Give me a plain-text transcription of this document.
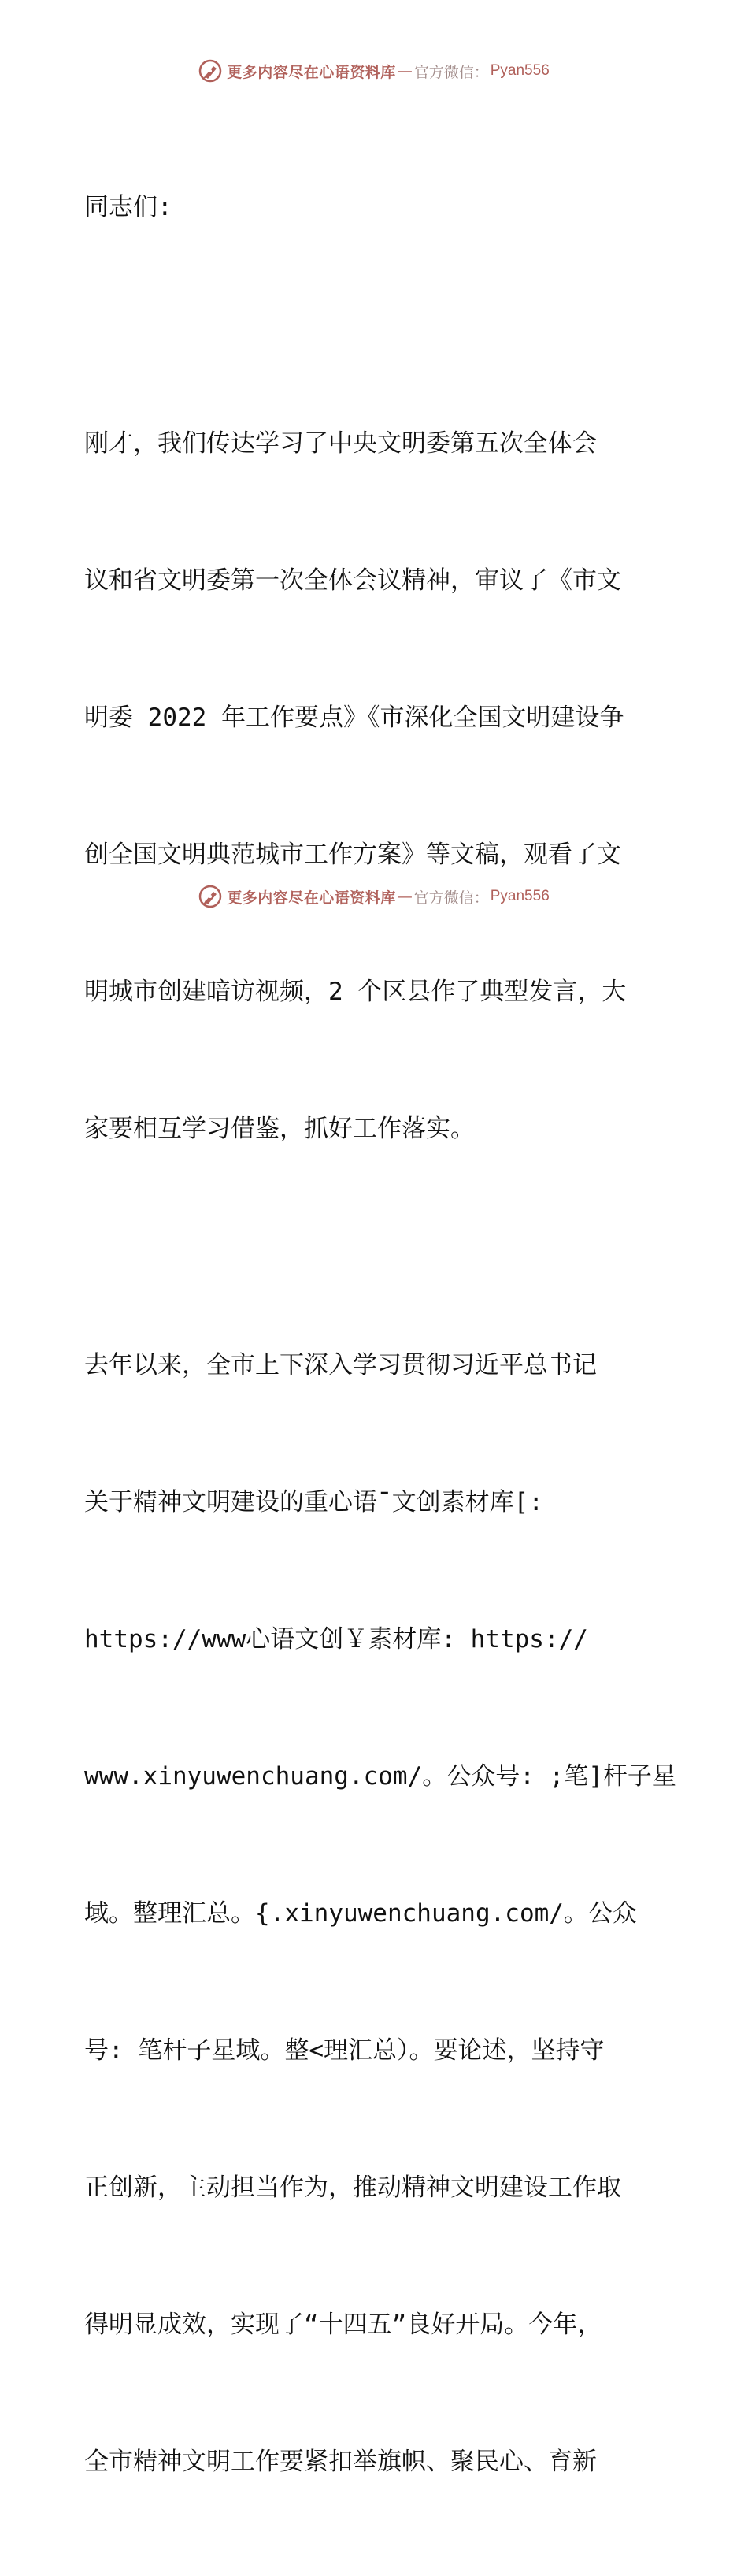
更多内容尽在心语资料库 — 官方微信： Pyan556

同志们:

刚才，我们传达学习了中央文明委第五次全体会

议和省文明委第一次全体会议精神，审议了《市文

明委 2022 年工作要点》《市深化全国文明建设争

创全国文明典范城市工作方案》等文稿，观看了文

明城市创建暗访视频，2 个区县作了典型发言，大

家要相互学习借鉴，抓好工作落实。

去年以来，全市上下深入学习贯彻习近平总书记

关于精神文明建设的重心语¯文创素材库[:

https://www心语文创￥素材库: https://

www.xinyuwenchuang.com/。公众号: ;笔]杆子星

域。整理汇总。{.xinyuwenchuang.com/。公众

号: 笔杆子星域。整<理汇总）。要论述，坚持守

正创新，主动担当作为，推动精神文明建设工作取

得明显成效，实现了“十四五”良好开局。今年，

全市精神文明工作要紧扣举旗帜、聚民心、育新

更多内容尽在心语资料库 — 官方微信： Pyan556
